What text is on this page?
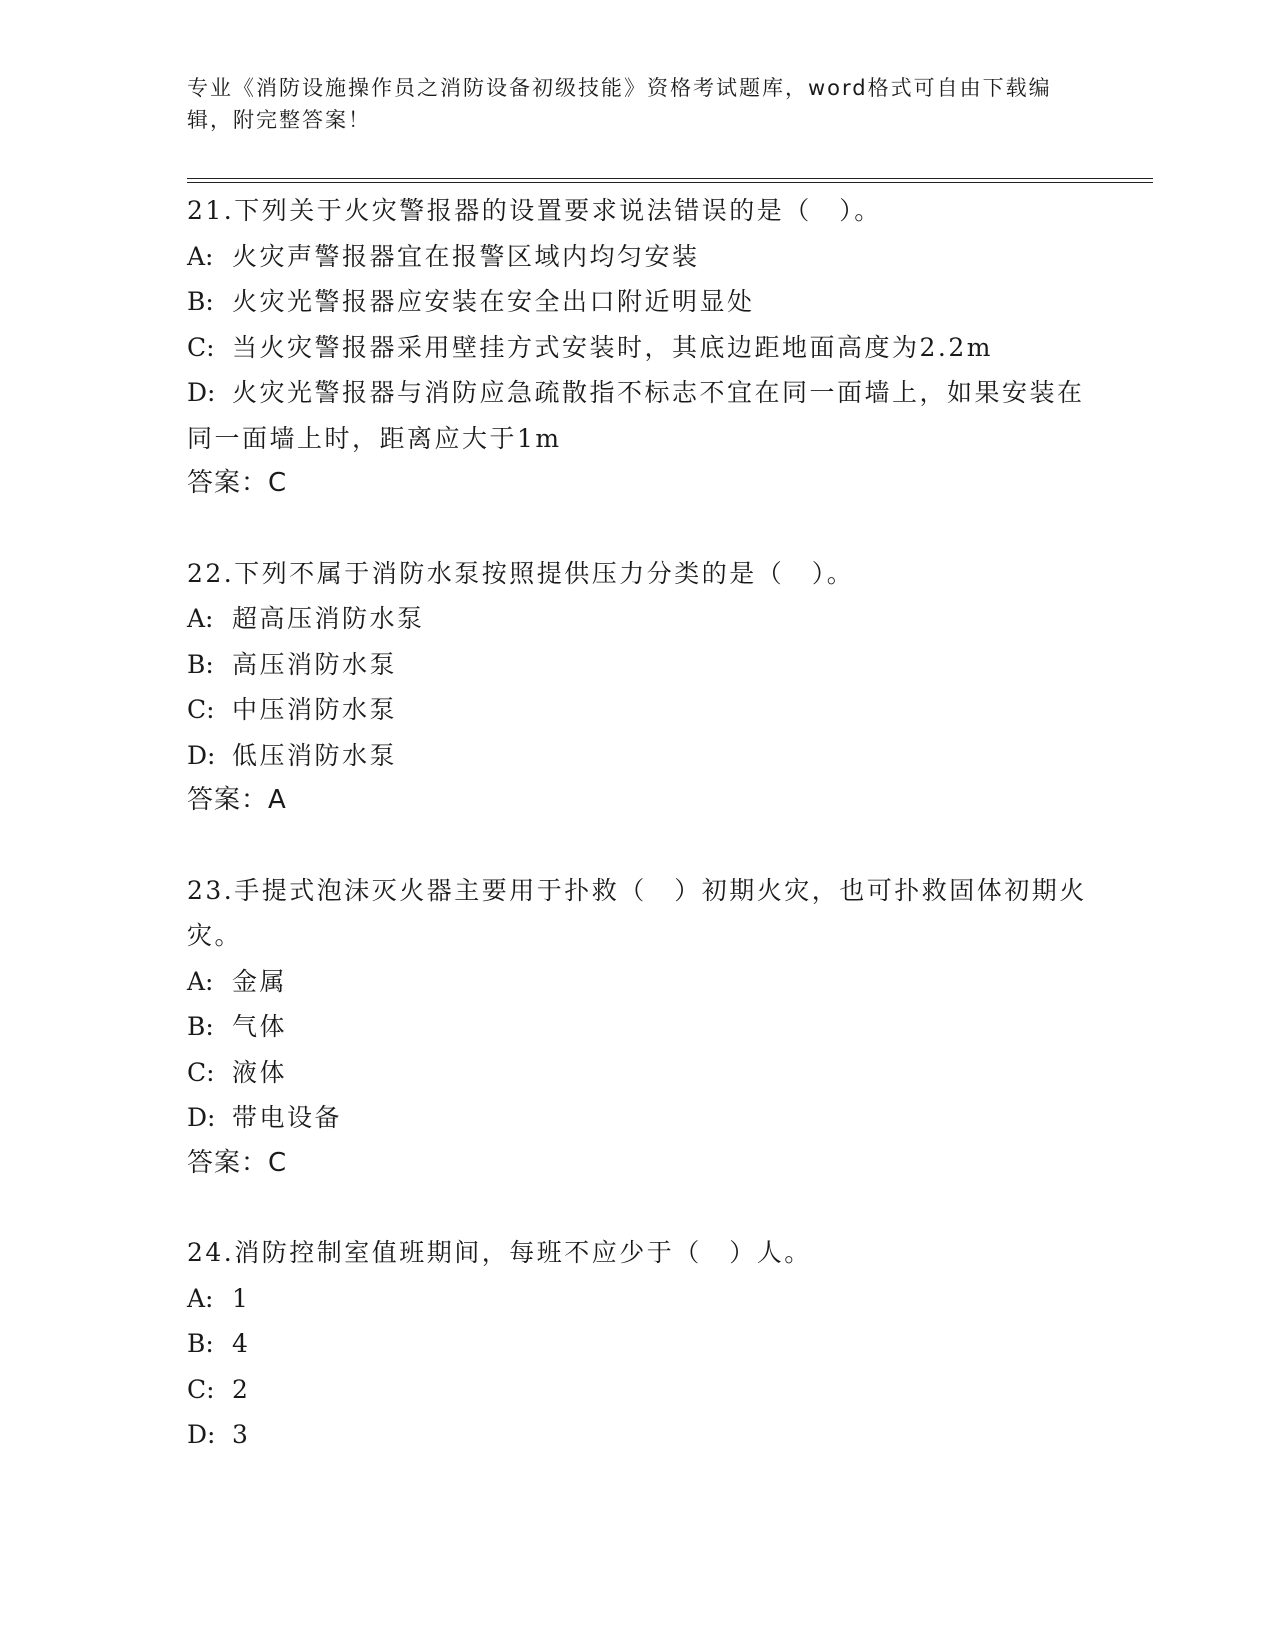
专业《消防设施操作员之消防设备初级技能》资格考试题库，word格式可自由下载编辑，附完整答案！
21.下列关于火灾警报器的设置要求说法错误的是（　）。
A: 火灾声警报器宜在报警区域内均匀安装
B: 火灾光警报器应安装在安全出口附近明显处
C: 当火灾警报器采用壁挂方式安装时，其底边距地面高度为2.2m
D: 火灾光警报器与消防应急疏散指不标志不宜在同一面墙上，如果安装在同一面墙上时，距离应大于1m
答案：C
22.下列不属于消防水泵按照提供压力分类的是（　）。
A: 超高压消防水泵
B: 高压消防水泵
C: 中压消防水泵
D: 低压消防水泵
答案：A
23.手提式泡沫灭火器主要用于扑救（　）初期火灾，也可扑救固体初期火灾。
A: 金属
B: 气体
C: 液体
D: 带电设备
答案：C
24.消防控制室值班期间，每班不应少于（　）人。
A: 1
B: 4
C: 2
D: 3
